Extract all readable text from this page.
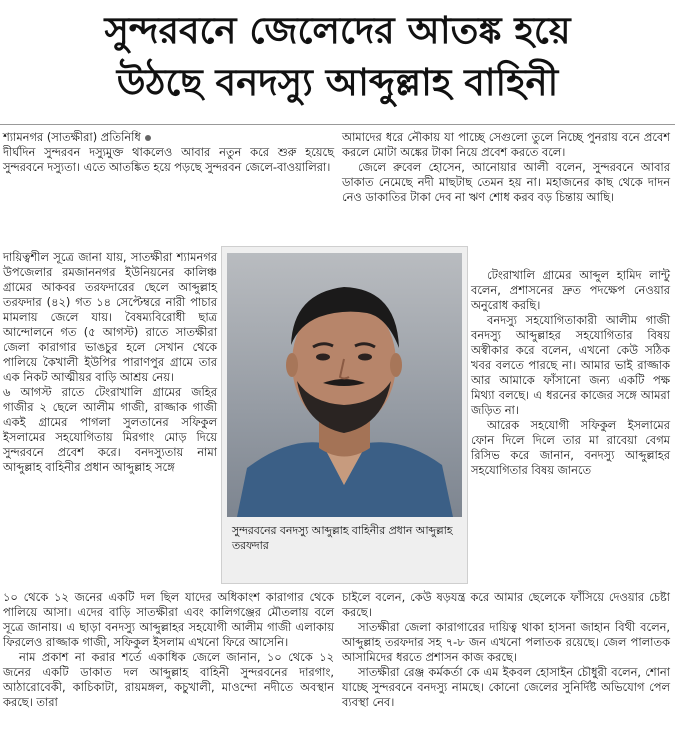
সুন্দরবনে জেলেদের আতঙ্ক হয়ে
উঠছে বনদস্যু আব্দুল্লাহ বাহিনী

শ্যামনগর (সাতক্ষীরা) প্রতিনিধি

দীর্ঘদিন সুন্দরবন দস্যুমুক্ত থাকলেও আবার নতুন করে শুরু হয়েছে সুন্দরবনে দস্যুতা। এতে আতঙ্কিত হয়ে পড়ছে সুন্দরবন জেলে-বাওয়ালিরা।

দায়িত্বশীল সূত্রে জানা যায়, সাতক্ষীরা শ্যামনগর উপজেলার রমজাননগর ইউনিয়নের কালিঞ্চ গ্রামের আকবর তরফদারের ছেলে আব্দুল্লাহ তরফদার (৪২) গত ১৪ সেপ্টেম্বরে নারী পাচার মামলায় জেলে যায়। বৈষম্যবিরোধী ছাত্র আন্দোলনে গত (৫ আগস্ট) রাতে সাতক্ষীরা জেলা কারাগার ভাঙচুর হলে সেখান থেকে পালিয়ে কৈখালী ইউপির পারাণপুর গ্রামে তার এক নিকট আত্মীয়র বাড়ি আশ্রয় নেয়।

৬ আগস্ট রাতে টেংরাখালি গ্রামের জহির গাজীর ২ ছেলে আলীম গাজী, রাজ্জাক গাজী একই গ্রামের পাগলা সুলতানের সফিকুল ইসলামের সহযোগিতায় মিরগাং মোড় দিয়ে সুন্দরবনে প্রবেশ করে। বনদস্যুতায় নামা আব্দুল্লাহ বাহিনীর প্রধান আব্দুল্লাহ সঙ্গে

১০ থেকে ১২ জনের একটি দল ছিল যাদের অধিকাংশ কারাগার থেকে পালিয়ে আসা। এদের বাড়ি সাতক্ষীরা এবং কালিগঞ্জের মৌতলায় বলে সূত্রে জানায়। এ ছাড়া বনদস্যু আব্দুল্লাহর সহযোগী আলীম গাজী এলাকায় ফিরলেও রাজ্জাক গাজী, সফিকুল ইসলাম এখনো ফিরে আসেনি।

নাম প্রকাশ না করার শর্তে একাধিক জেলে জানান, ১০ থেকে ১২ জনের একটি ডাকাত দল আব্দুল্লাহ বাহিনী সুন্দরবনের দারগাং, আঠারোবেকী, কাচিকাটা, রায়মঙ্গল, কচুখালী, মাওন্দো নদীতে অবস্থান করছে। তারা

আমাদের ধরে নৌকায় যা পাচ্ছে সেগুলো তুলে নিচ্ছে পুনরায় বনে প্রবেশ করলে মোটা অঙ্কের টাকা নিয়ে প্রবেশ করতে বলে।

জেলে রুবেল হোসেন, আনোয়ার আলী বলেন, সুন্দরবনে আবার ডাকাত নেমেছে নদী মাছটাছ তেমন হয় না। মহাজনের কাছ থেকে দাদন নেও ডাকাতির টাকা দেব না ঋণ শোধ করব বড় চিন্তায় আছি।

টেংরাখালি গ্রামের আব্দুল হামিদ লান্টু বলেন, প্রশাসনের দ্রুত পদক্ষেপ নেওয়ার অনুরোধ করছি।

বনদস্যু সহযোগিতাকারী আলীম গাজী বনদস্যু আব্দুল্লাহর সহযোগিতার বিষয় অস্বীকার করে বলেন, এখনো কেউ সঠিক খবর বলতে পারছে না। আমার ভাই রাজ্জাক আর আমাকে ফাঁসানো জন্য একটি পক্ষ মিথ্যা বলছে। এ ধরনের কাজের সঙ্গে আমরা জড়িত না।

আরেক সহযোগী সফিকুল ইসলামের ফোন দিলে দিলে তার মা রাবেয়া বেগম রিসিভ করে জানান, বনদস্যু আব্দুল্লাহর সহযোগিতার বিষয় জানতে

চাইলে বলেন, কেউ ষড়যন্ত্র করে আমার ছেলেকে ফাঁসিয়ে দেওয়ার চেষ্টা করছে।

সাতক্ষীরা জেলা কারাগারের দায়িত্ব থাকা হাসনা জাহান বিথী বলেন, আব্দুল্লাহ তরফদার সহ ৭-৮ জন এখনো পলাতক রয়েছে। জেল পালাতক আসামিদের ধরতে প্রশাসন কাজ করছে।

সাতক্ষীরা রেঞ্জ কর্মকর্তা কে এম ইকবল হোসাইন চৌধুরী বলেন, শোনা যাচ্ছে সুন্দরবনে বনদস্যু নামছে। কোনো জেলের সুনির্দিষ্ট অভিযোগ পেল ব্যবস্থা নেব।

সুন্দরবনের বনদস্যু আব্দুল্লাহ বাহিনীর প্রধান আব্দুল্লাহ তরফদার
